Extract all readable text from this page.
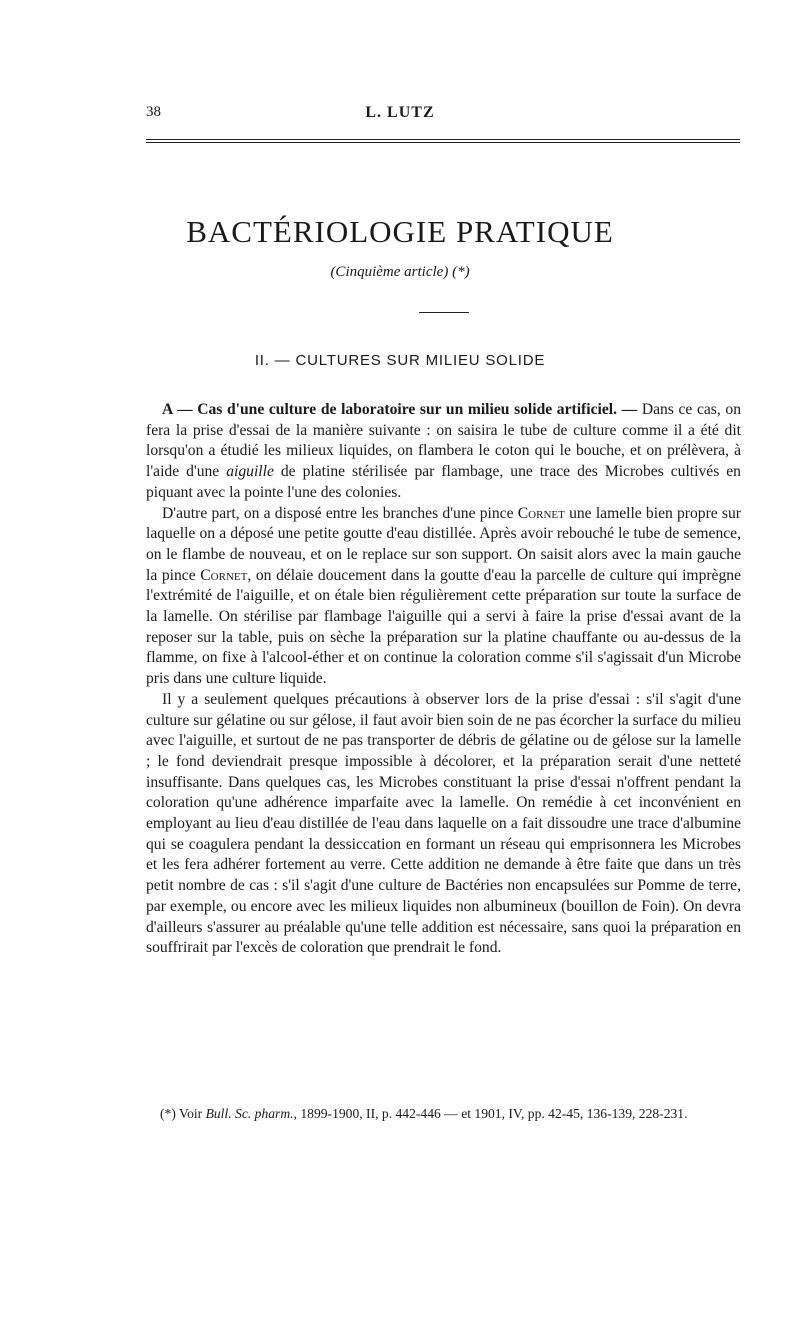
38	L. LUTZ
BACTÉRIOLOGIE PRATIQUE
(Cinquième article) (*)
II. — CULTURES SUR MILIEU SOLIDE

A — Cas d'une culture de laboratoire sur un milieu solide artificiel. — Dans ce cas, on fera la prise d'essai de la manière suivante : on saisira le tube de culture comme il a été dit lorsqu'on a étudié les milieux liquides, on flambera le coton qui le bouche, et on prélèvera, à l'aide d'une aiguille de platine stérilisée par flambage, une trace des Microbes cultivés en piquant avec la pointe l'une des colonies.

D'autre part, on a disposé entre les branches d'une pince Cornet une lamelle bien propre sur laquelle on a déposé une petite goutte d'eau distillée. Après avoir rebouché le tube de semence, on le flambe de nouveau, et on le replace sur son support. On saisit alors avec la main gauche la pince Cornet, on délaie doucement dans la goutte d'eau la parcelle de culture qui imprègne l'extrémité de l'aiguille, et on étale bien régulièrement cette préparation sur toute la surface de la lamelle. On stérilise par flambage l'aiguille qui a servi à faire la prise d'essai avant de la reposer sur la table, puis on sèche la préparation sur la platine chauffante ou au-dessus de la flamme, on fixe à l'alcool-éther et on continue la coloration comme s'il s'agissait d'un Microbe pris dans une culture liquide.

Il y a seulement quelques précautions à observer lors de la prise d'essai : s'il s'agit d'une culture sur gélatine ou sur gélose, il faut avoir bien soin de ne pas écorcher la surface du milieu avec l'aiguille, et surtout de ne pas transporter de débris de gélatine ou de gélose sur la lamelle ; le fond deviendrait presque impossible à décolorer, et la préparation serait d'une netteté insuffisante. Dans quelques cas, les Microbes constituant la prise d'essai n'offrent pendant la coloration qu'une adhérence imparfaite avec la lamelle. On remédie à cet inconvénient en employant au lieu d'eau distillée de l'eau dans laquelle on a fait dissoudre une trace d'albumine qui se coagulera pendant la dessiccation en formant un réseau qui emprisonnera les Microbes et les fera adhérer fortement au verre. Cette addition ne demande à être faite que dans un très petit nombre de cas : s'il s'agit d'une culture de Bactéries non encapsulées sur Pomme de terre, par exemple, ou encore avec les milieux liquides non albumineux (bouillon de Foin). On devra d'ailleurs s'assurer au préalable qu'une telle addition est nécessaire, sans quoi la préparation en souffrirait par l'excès de coloration que prendrait le fond.

(*) Voir Bull. Sc. pharm., 1899-1900, II, p. 442-446 — et 1901, IV, pp. 42-45, 136-139, 228-231.
